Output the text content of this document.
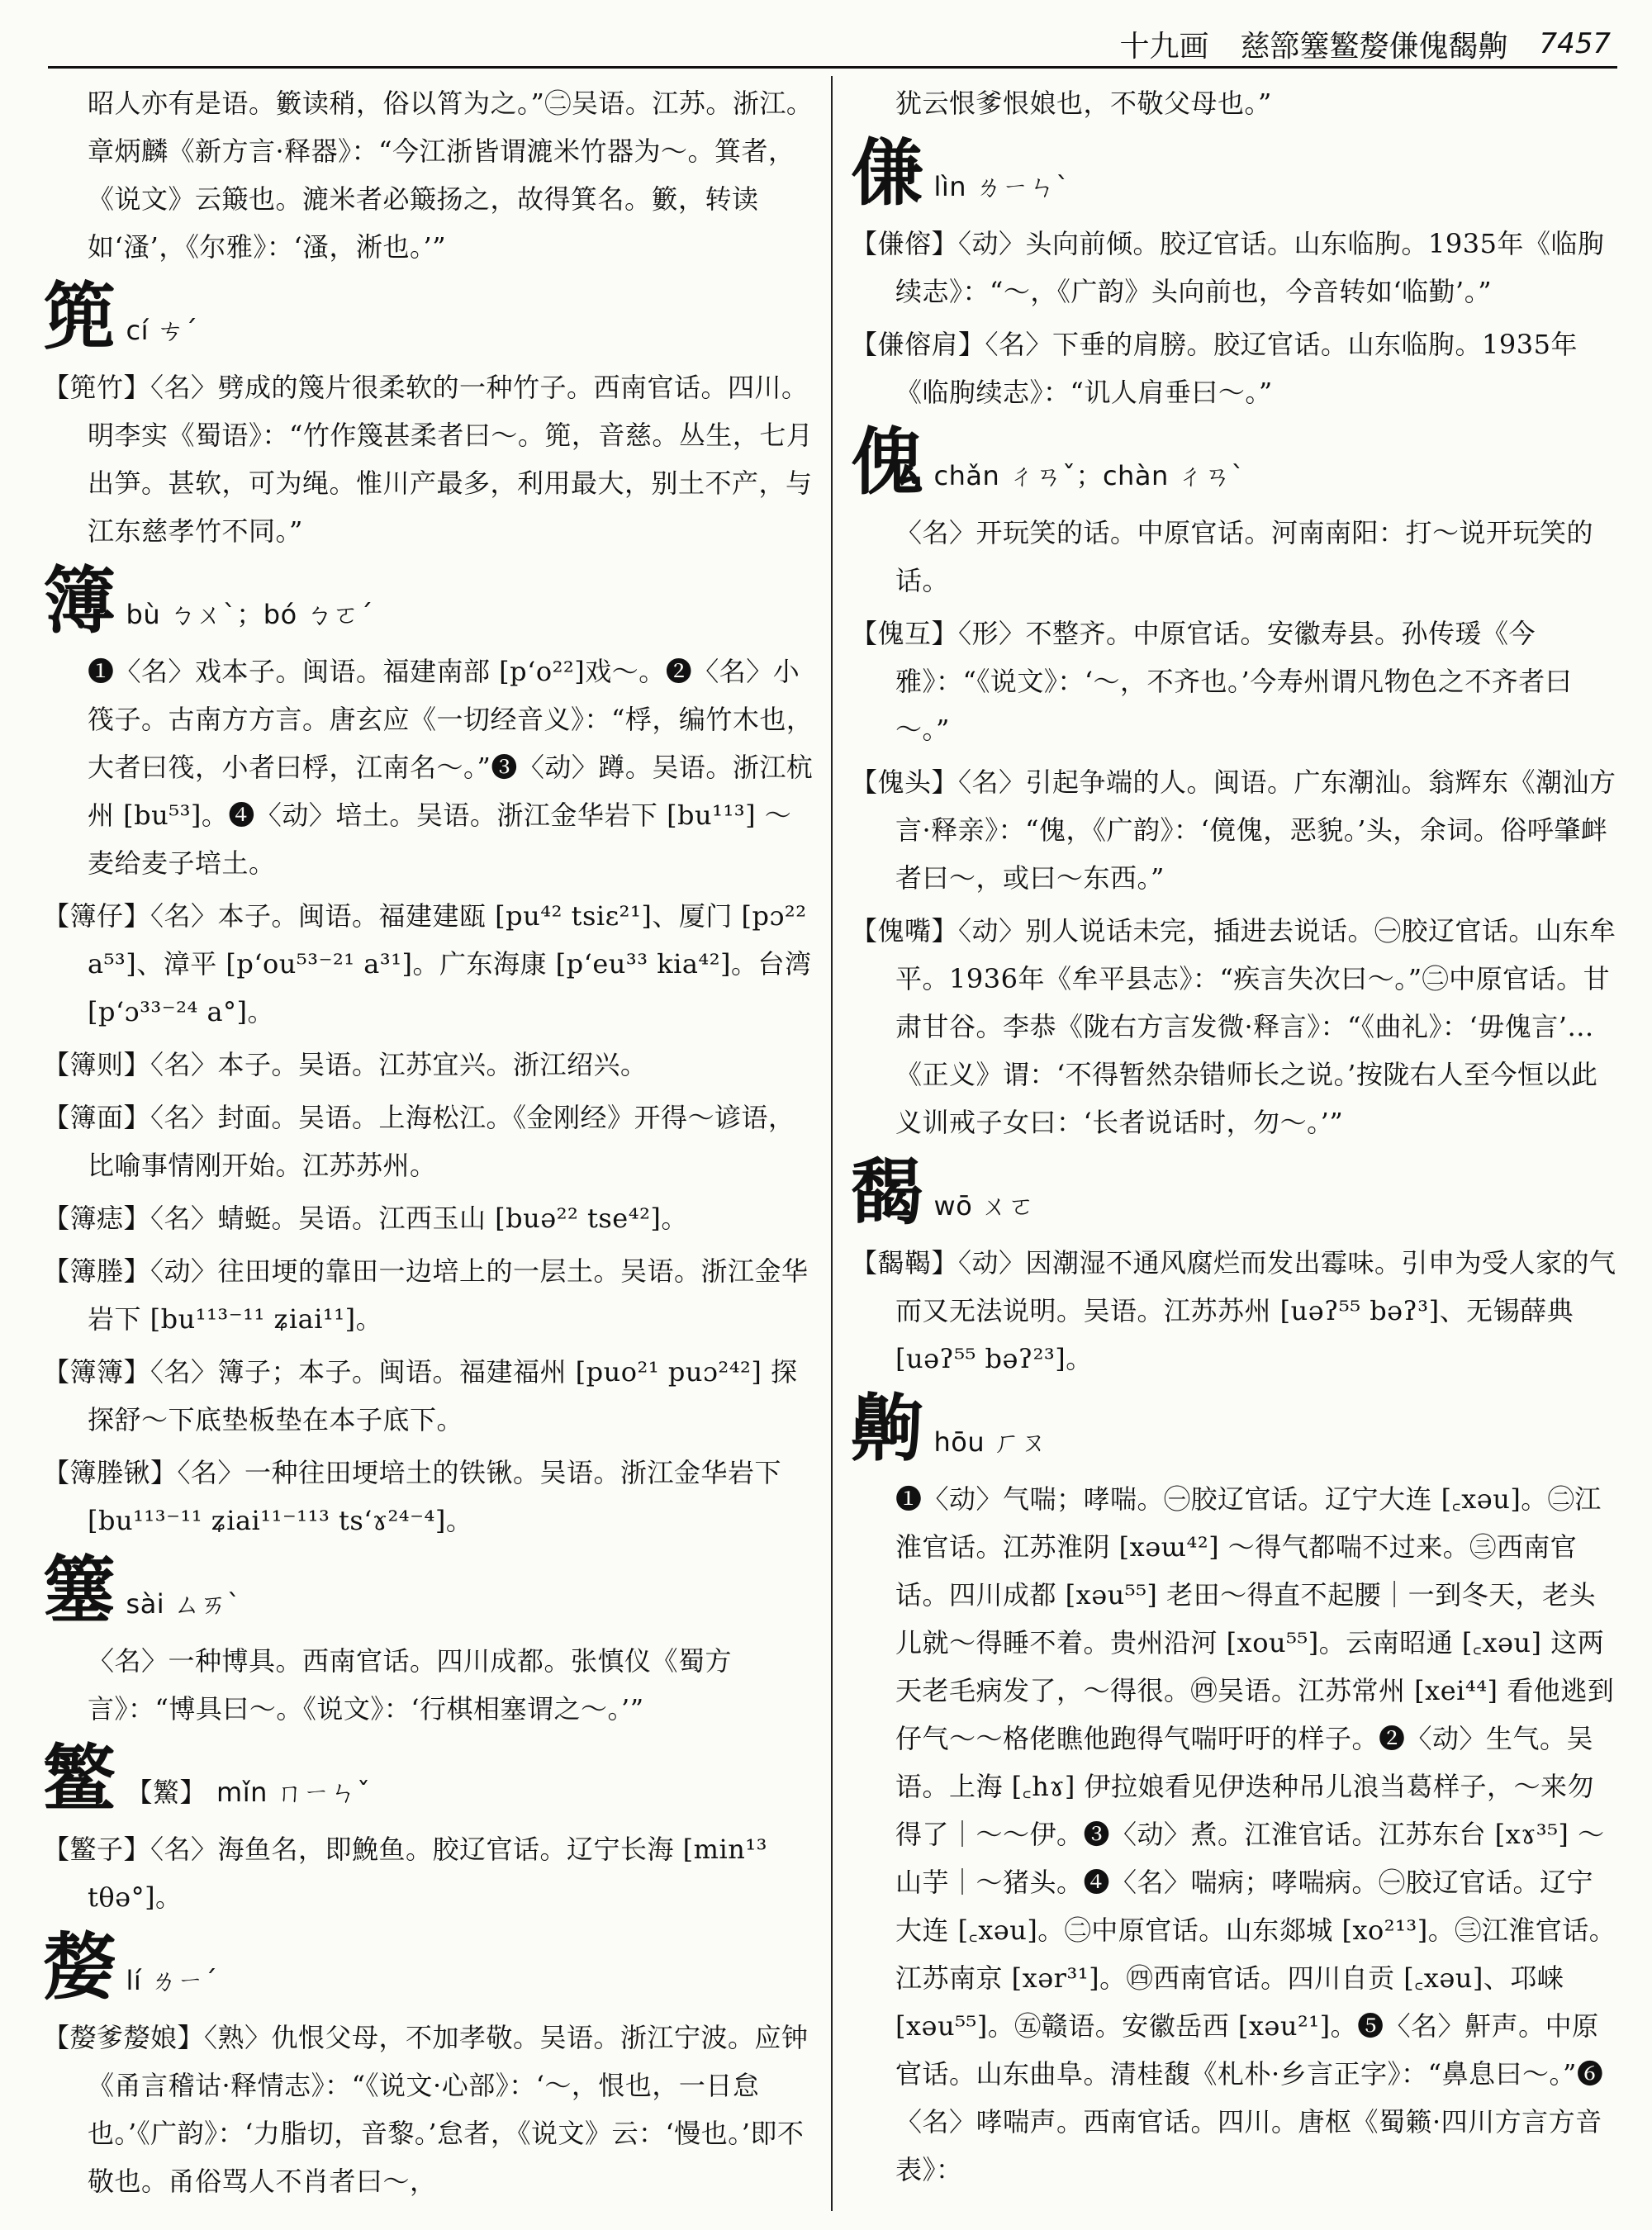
十九画 慈篰簺鳘嫠傔傀馤齁 7457

昭人亦有是语。籔读稍，俗以筲为之。”㊁吴语。江苏。浙江。章炳麟《新方言·释器》：“今江浙皆谓漉米竹器为～。箕者，《说文》云簸也。漉米者必簸扬之，故得箕名。籔，转读如‘溞’，《尔雅》：‘溞，淅也。’”

篼 cí ㄘˊ

【篼竹】〈名〉劈成的篾片很柔软的一种竹子。西南官话。四川。明李实《蜀语》：“竹作篾甚柔者曰～。篼，音慈。丛生，七月出笋。甚软，可为绳。惟川产最多，利用最大，别土不产，与江东慈孝竹不同。”

簿 bù ㄅㄨˋ；bó ㄅㄛˊ

❶〈名〉戏本子。闽语。福建南部 [pʻo²²]戏～。❷〈名〉小筏子。古南方方言。唐玄应《一切经音义》：“桴，编竹木也，大者曰筏，小者曰桴，江南名～。”❸〈动〉蹲。吴语。浙江杭州 [bu⁵³]。❹〈动〉培土。吴语。浙江金华岩下 [bu¹¹³] ～麦给麦子培土。

【簿仔】〈名〉本子。闽语。福建建瓯 [pu⁴² tsiɛ²¹]、厦门 [pɔ²² a⁵³]、漳平 [pʻou⁵³⁻²¹ a³¹]。广东海康 [pʻeu³³ kia⁴²]。台湾 [pʻɔ³³⁻²⁴ a°]。

【簿则】〈名〉本子。吴语。江苏宜兴。浙江绍兴。

【簿面】〈名〉封面。吴语。上海松江。《金刚经》开得～谚语，比喻事情刚开始。江苏苏州。

【簿痣】〈名〉蜻蜓。吴语。江西玉山 [buə²² tse⁴²]。

【簿塍】〈动〉往田埂的靠田一边培上的一层土。吴语。浙江金华岩下 [bu¹¹³⁻¹¹ ʑiai¹¹]。

【簿簿】〈名〉簿子；本子。闽语。福建福州 [puo²¹ puɔ²⁴²] 探探舒～下底垫板垫在本子底下。

【簿塍锹】〈名〉一种往田埂培土的铁锹。吴语。浙江金华岩下 [bu¹¹³⁻¹¹ ʑiai¹¹⁻¹¹³ tsʻɤ²⁴⁻⁴]。

簺 sài ㄙㄞˋ

〈名〉一种博具。西南官话。四川成都。张慎仪《蜀方言》：“博具曰～。《说文》：‘行棋相塞谓之～。’”

鳘 【鰵】 mǐn ㄇㄧㄣˇ

【鳘子】〈名〉海鱼名，即鮸鱼。胶辽官话。辽宁长海 [min¹³ tθə°]。

嫠 lí ㄌㄧˊ

【嫠爹嫠娘】〈熟〉仇恨父母，不加孝敬。吴语。浙江宁波。应钟《甬言稽诂·释情志》：“《说文·心部》：‘～，恨也，一日怠也。’《广韵》：‘力脂切，音黎。’怠者，《说文》云：‘慢也。’即不敬也。甬俗骂人不肖者曰～，

犹云恨爹恨娘也，不敬父母也。”

傔 lìn ㄌㄧㄣˋ

【傔傛】〈动〉头向前倾。胶辽官话。山东临朐。1935年《临朐续志》：“～，《广韵》头向前也，今音转如‘临勤’。”

【傔傛肩】〈名〉下垂的肩膀。胶辽官话。山东临朐。1935年《临朐续志》：“讥人肩垂曰～。”

傀 chǎn ㄔㄢˇ；chàn ㄔㄢˋ

〈名〉开玩笑的话。中原官话。河南南阳：打～说开玩笑的话。

【傀互】〈形〉不整齐。中原官话。安徽寿县。孙传瑗《今雅》：“《说文》：‘～，不齐也。’今寿州谓凡物色之不齐者曰～。”

【傀头】〈名〉引起争端的人。闽语。广东潮汕。翁辉东《潮汕方言·释亲》：“傀，《广韵》：‘傹傀，恶貌。’头，余词。俗呼肇衅者曰～，或曰～东西。”

【傀嘴】〈动〉别人说话未完，插进去说话。㊀胶辽官话。山东牟平。1936年《牟平县志》：“疾言失次曰～。”㊁中原官话。甘肃甘谷。李恭《陇右方言发微·释言》：“《曲礼》：‘毋傀言’…《正义》谓：‘不得暂然杂错师长之说。’按陇右人至今恒以此义训戒子女曰：‘长者说话时，勿～。’”

馤 wō ㄨㄛ

【馤鞨】〈动〉因潮湿不通风腐烂而发出霉味。引申为受人家的气而又无法说明。吴语。江苏苏州 [uəʔ⁵⁵ bəʔ³]、无锡薛典 [uəʔ⁵⁵ bəʔ²³]。

齁 hōu ㄏㄡ

❶〈动〉气喘；哮喘。㊀胶辽官话。辽宁大连 [꜀xəu]。㊁江淮官话。江苏淮阴 [xəɯ⁴²] ～得气都喘不过来。㊂西南官话。四川成都 [xəu⁵⁵] 老田～得直不起腰｜一到冬天，老头儿就～得睡不着。贵州沿河 [xou⁵⁵]。云南昭通 [꜀xəu] 这两天老毛病发了，～得很。㊃吴语。江苏常州 [xei⁴⁴] 看他逃到仔气～～格佬瞧他跑得气喘吁吁的样子。❷〈动〉生气。吴语。上海 [꜀hɤ] 伊拉娘看见伊迭种吊儿浪当葛样子，～来勿得了｜～～伊。❸〈动〉煮。江淮官话。江苏东台 [xɤ³⁵] ～山芋｜～猪头。❹〈名〉喘病；哮喘病。㊀胶辽官话。辽宁大连 [꜀xəu]。㊁中原官话。山东郯城 [xo²¹³]。㊂江淮官话。江苏南京 [xər³¹]。㊃西南官话。四川自贡 [꜀xəu]、邛崃 [xəu⁵⁵]。㊄赣语。安徽岳西 [xəu²¹]。❺〈名〉鼾声。中原官话。山东曲阜。清桂馥《札朴·乡言正字》：“鼻息曰～。”❻〈名〉哮喘声。西南官话。四川。唐枢《蜀籁·四川方言方音表》：
